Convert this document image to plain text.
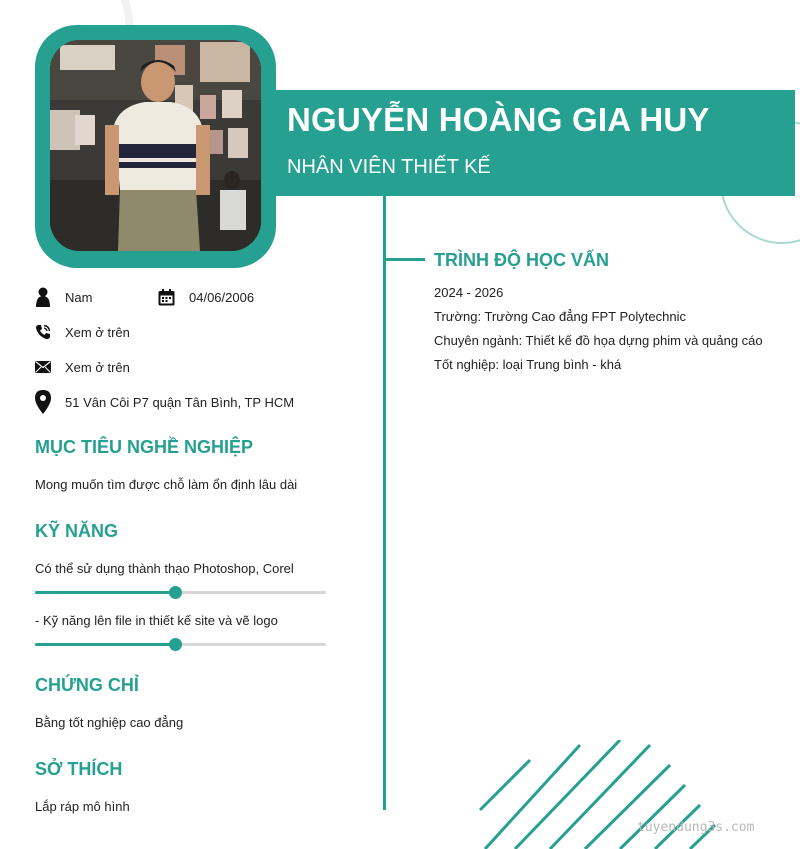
NGUYỄN HOÀNG GIA HUY
NHÂN VIÊN THIẾT KẾ
Nam	04/06/2006
Xem ở trên
Xem ở trên
51 Vân Côi P7 quận Tân Bình, TP HCM
MỤC TIÊU NGHỀ NGHIỆP
Mong muốn tìm được chỗ làm ổn định lâu dài
KỸ NĂNG
Có thể sử dụng thành thạo Photoshop, Corel
- Kỹ năng lên file in thiết kế site và vẽ logo
CHỨNG CHỈ
Bằng tốt nghiệp cao đẳng
SỞ THÍCH
Lắp ráp mô hình
TRÌNH ĐỘ HỌC VẤN
2024 - 2026
Trường: Trường Cao đẳng FPT Polytechnic
Chuyên ngành: Thiết kế đồ họa dựng phim và quảng cáo
Tốt nghiệp: loại Trung bình - khá
tuyendung3s.com
